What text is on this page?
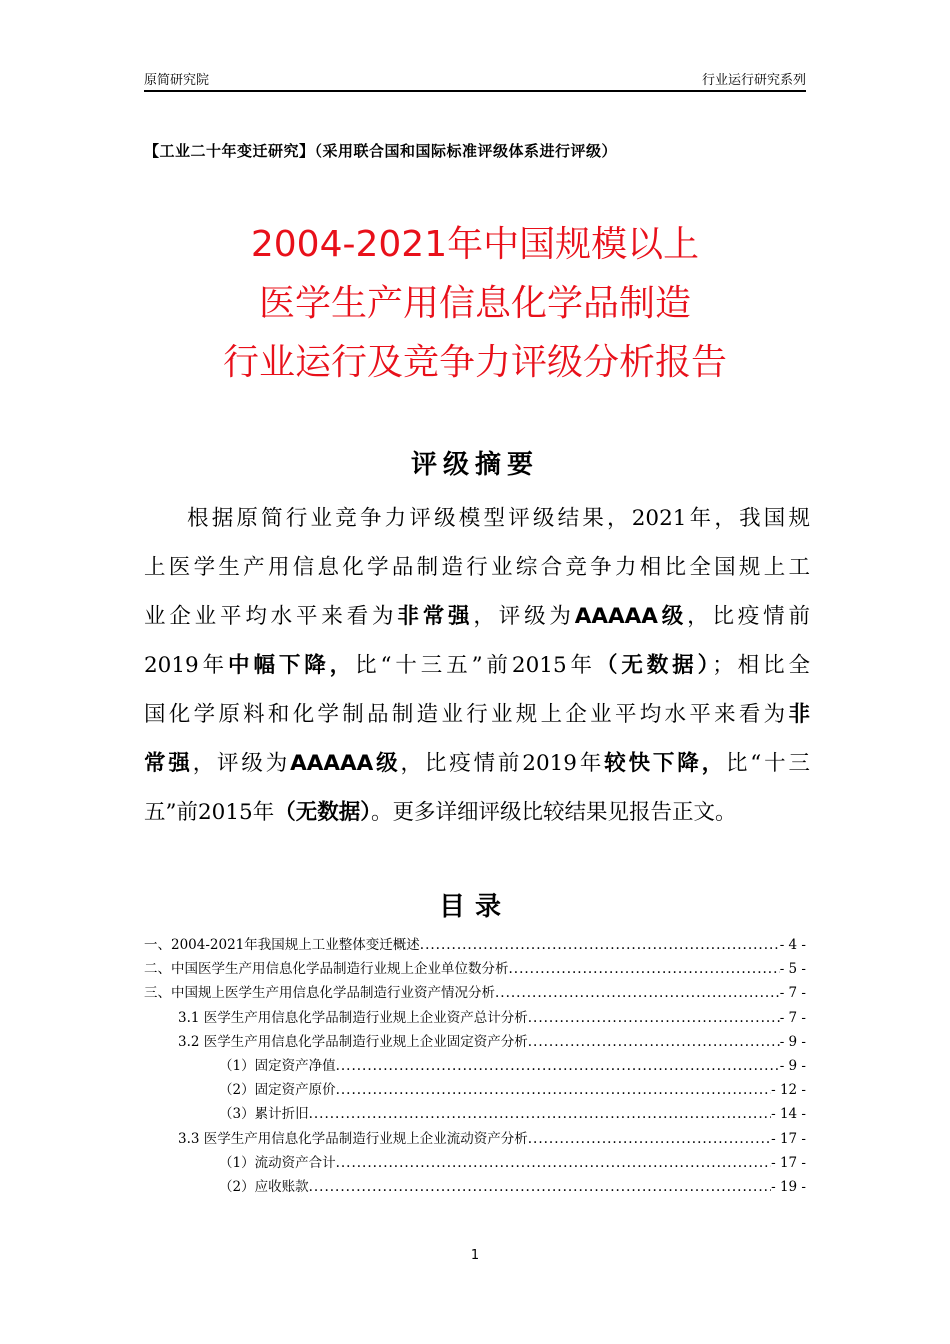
原简研究院	行业运行研究系列
【工业二十年变迁研究】（采用联合国和国际标准评级体系进行评级）
2004-2021年中国规模以上
医学生产用信息化学品制造
行业运行及竞争力评级分析报告
评级摘要
根据原简行业竞争力评级模型评级结果，2021年，我国规
上医学生产用信息化学品制造行业综合竞争力相比全国规上工
业企业平均水平来看为非常强，评级为AAAAA级，比疫情前
2019年中幅下降，比“十三五”前2015年（无数据）；相比全
国化学原料和化学制品制造业行业规上企业平均水平来看为非
常强，评级为AAAAA级，比疫情前2019年较快下降，比“十三
五”前2015年（无数据）。更多详细评级比较结果见报告正文。
目录
一、2004-2021年我国规上工业整体变迁概述 .....	- 4 -
二、中国医学生产用信息化学品制造行业规上企业单位数分析 .....	- 5 -
三、中国规上医学生产用信息化学品制造行业资产情况分析 .....	- 7 -
3.1 医学生产用信息化学品制造行业规上企业资产总计分析 .....	- 7 -
3.2 医学生产用信息化学品制造行业规上企业固定资产分析 .....	- 9 -
（1）固定资产净值 .....	- 9 -
（2）固定资产原价 .....	- 12 -
（3）累计折旧 .....	- 14 -
3.3 医学生产用信息化学品制造行业规上企业流动资产分析 .....	- 17 -
（1）流动资产合计 .....	- 17 -
（2）应收账款 .....	- 19 -
1
